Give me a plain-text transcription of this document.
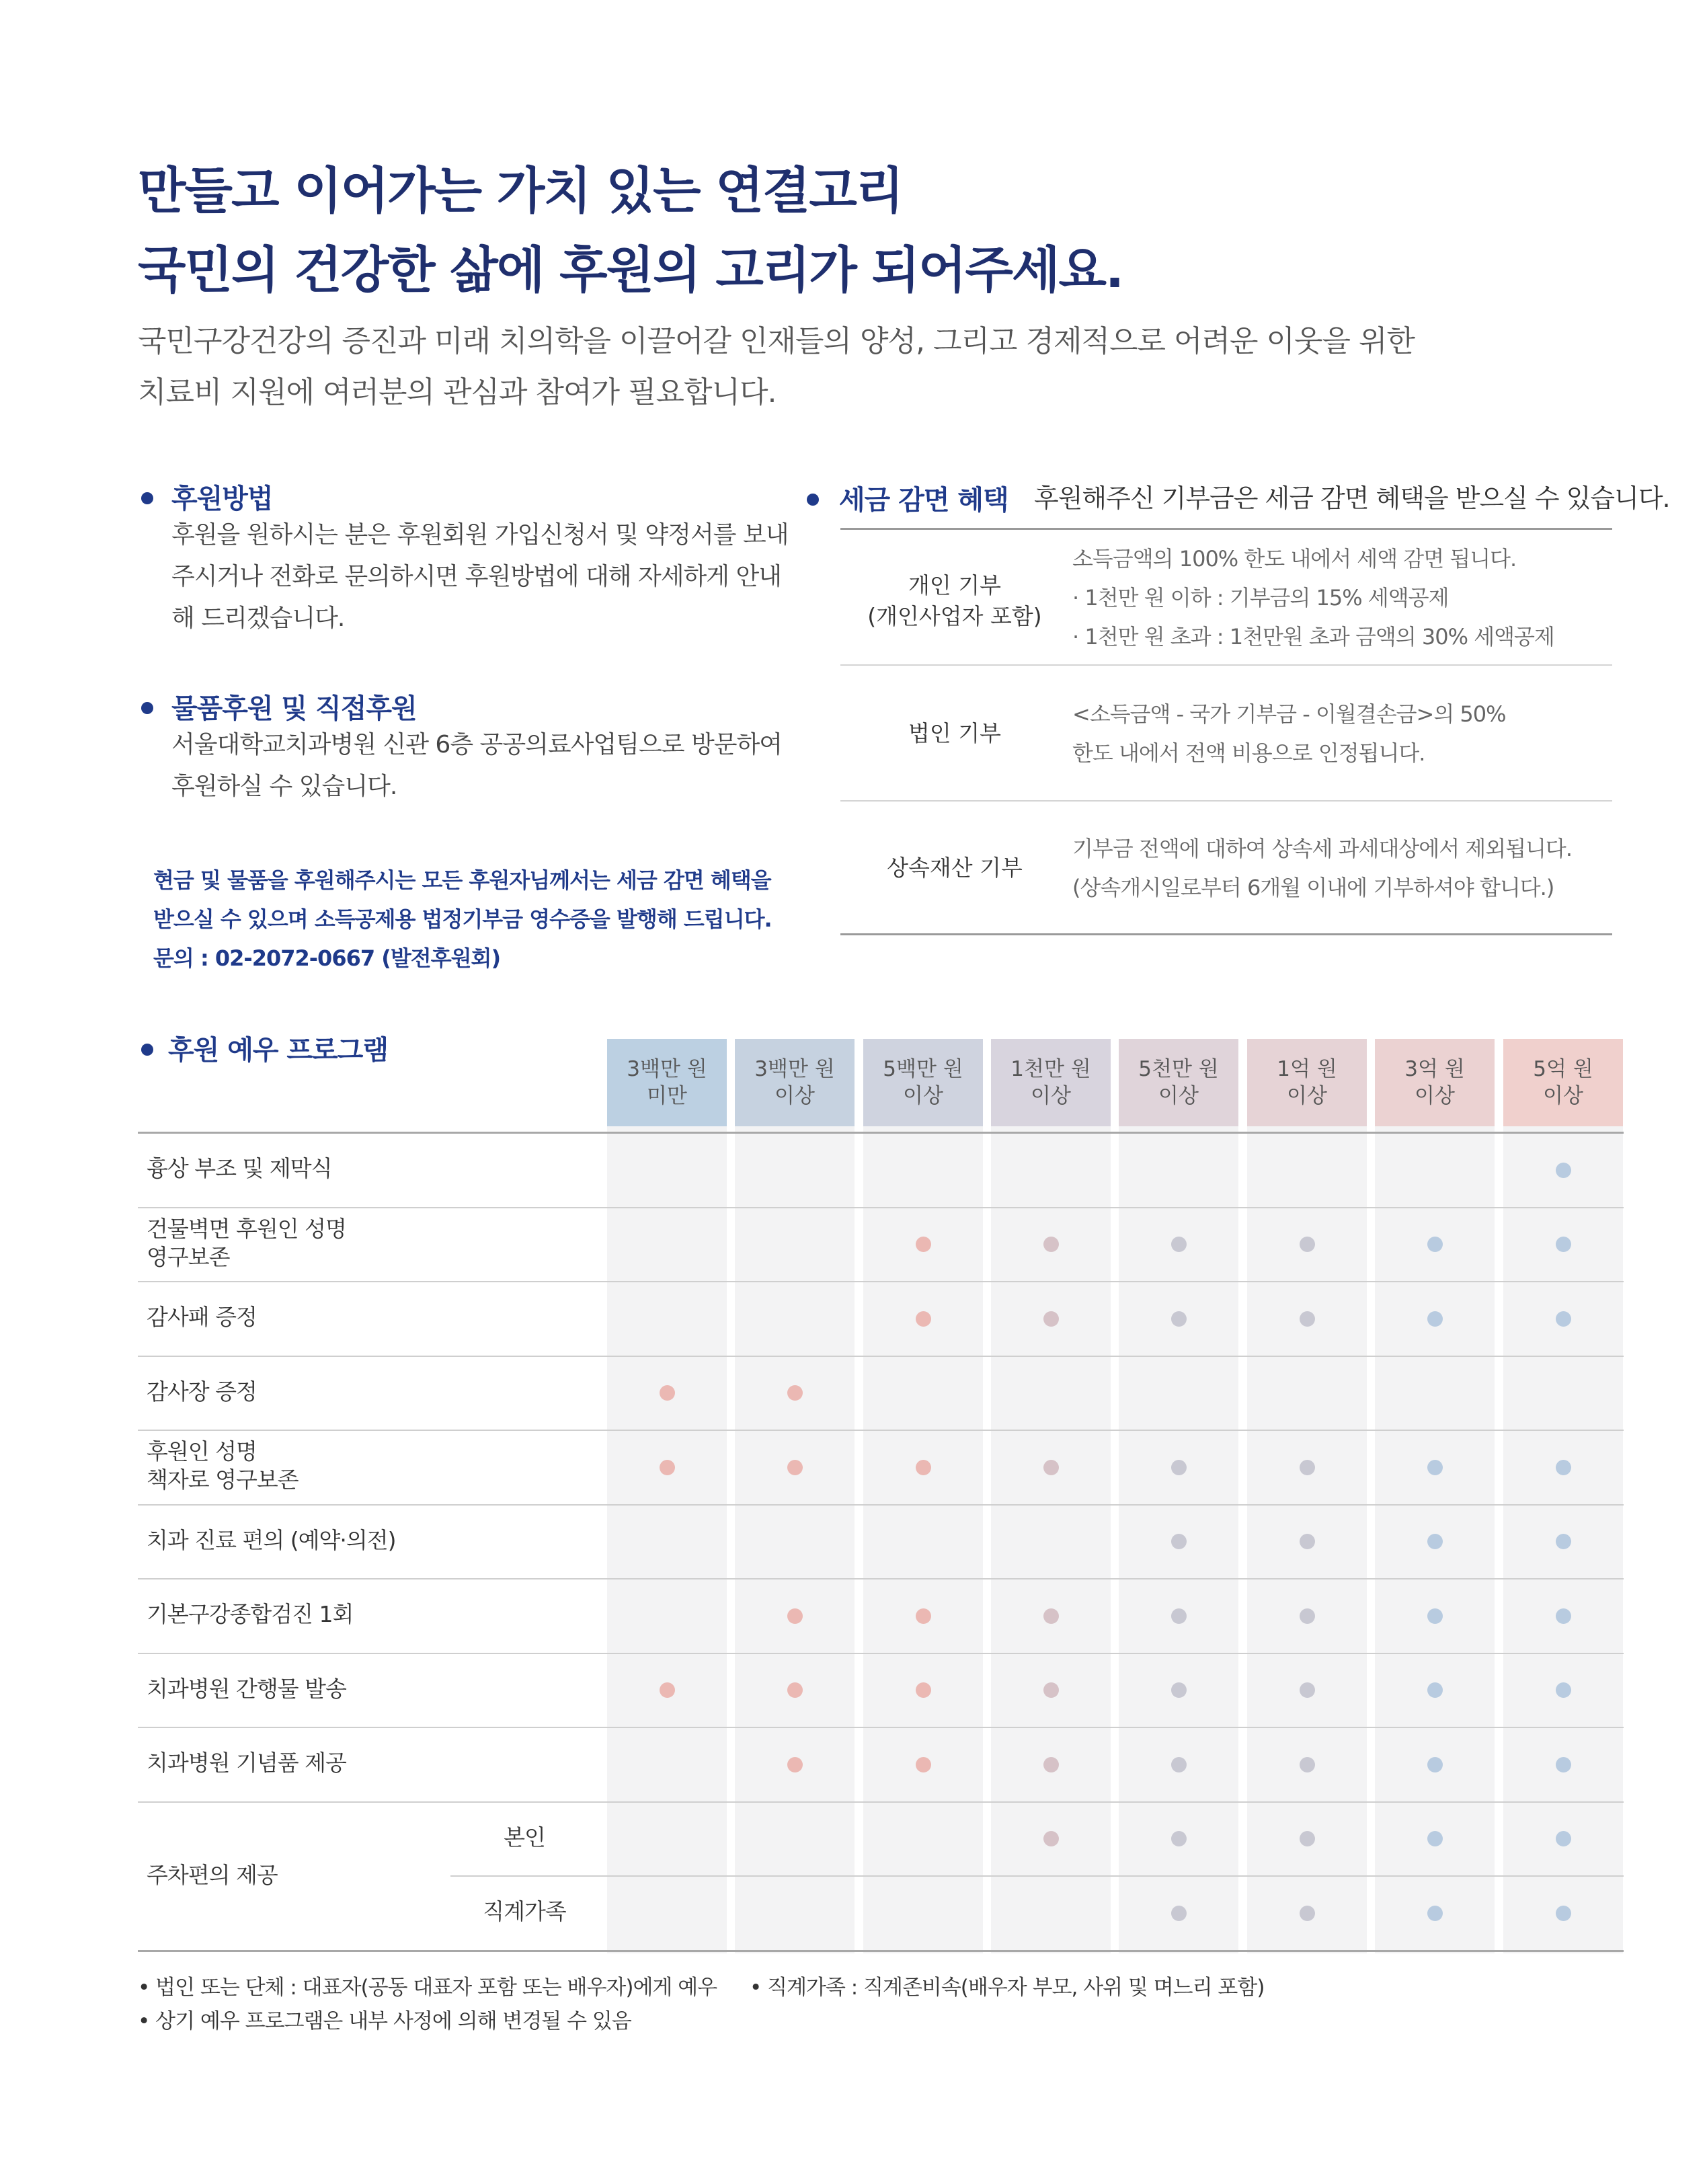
만들고 이어가는 가치 있는 연결고리
국민의 건강한 삶에 후원의 고리가 되어주세요.
국민구강건강의 증진과 미래 치의학을 이끌어갈 인재들의 양성, 그리고 경제적으로 어려운 이웃을 위한
치료비 지원에 여러분의 관심과 참여가 필요합니다.
후원방법
후원을 원하시는 분은 후원회원 가입신청서 및 약정서를 보내
주시거나 전화로 문의하시면 후원방법에 대해 자세하게 안내
해 드리겠습니다.
물품후원 및 직접후원
서울대학교치과병원 신관 6층 공공의료사업팀으로 방문하여
후원하실 수 있습니다.
현금 및 물품을 후원해주시는 모든 후원자님께서는 세금 감면 혜택을
받으실 수 있으며 소득공제용 법정기부금 영수증을 발행해 드립니다.
문의 : 02-2072-0667 (발전후원회)
세금 감면 혜택 후원해주신 기부금은 세금 감면 혜택을 받으실 수 있습니다.
개인 기부
(개인사업자 포함)
소득금액의 100% 한도 내에서 세액 감면 됩니다.
· 1천만 원 이하 : 기부금의 15% 세액공제
· 1천만 원 초과 : 1천만원 초과 금액의 30% 세액공제
법인 기부
<소득금액 - 국가 기부금 - 이월결손금>의 50%
한도 내에서 전액 비용으로 인정됩니다.
상속재산 기부
기부금 전액에 대하여 상속세 과세대상에서 제외됩니다.
(상속개시일로부터 6개월 이내에 기부하셔야 합니다.)
후원 예우 프로그램
3백만 원
미만
3백만 원
이상
5백만 원
이상
1천만 원
이상
5천만 원
이상
1억 원
이상
3억 원
이상
5억 원
이상
흉상 부조 및 제막식
건물벽면 후원인 성명
영구보존
감사패 증정
감사장 증정
후원인 성명
책자로 영구보존
치과 진료 편의 (예약·의전)
기본구강종합검진 1회
치과병원 간행물 발송
치과병원 기념품 제공
주차편의 제공
본인
직계가족
• 법인 또는 단체 : 대표자(공동 대표자 포함 또는 배우자)에게 예우 • 직계가족 : 직계존비속(배우자 부모, 사위 및 며느리 포함)
• 상기 예우 프로그램은 내부 사정에 의해 변경될 수 있음
